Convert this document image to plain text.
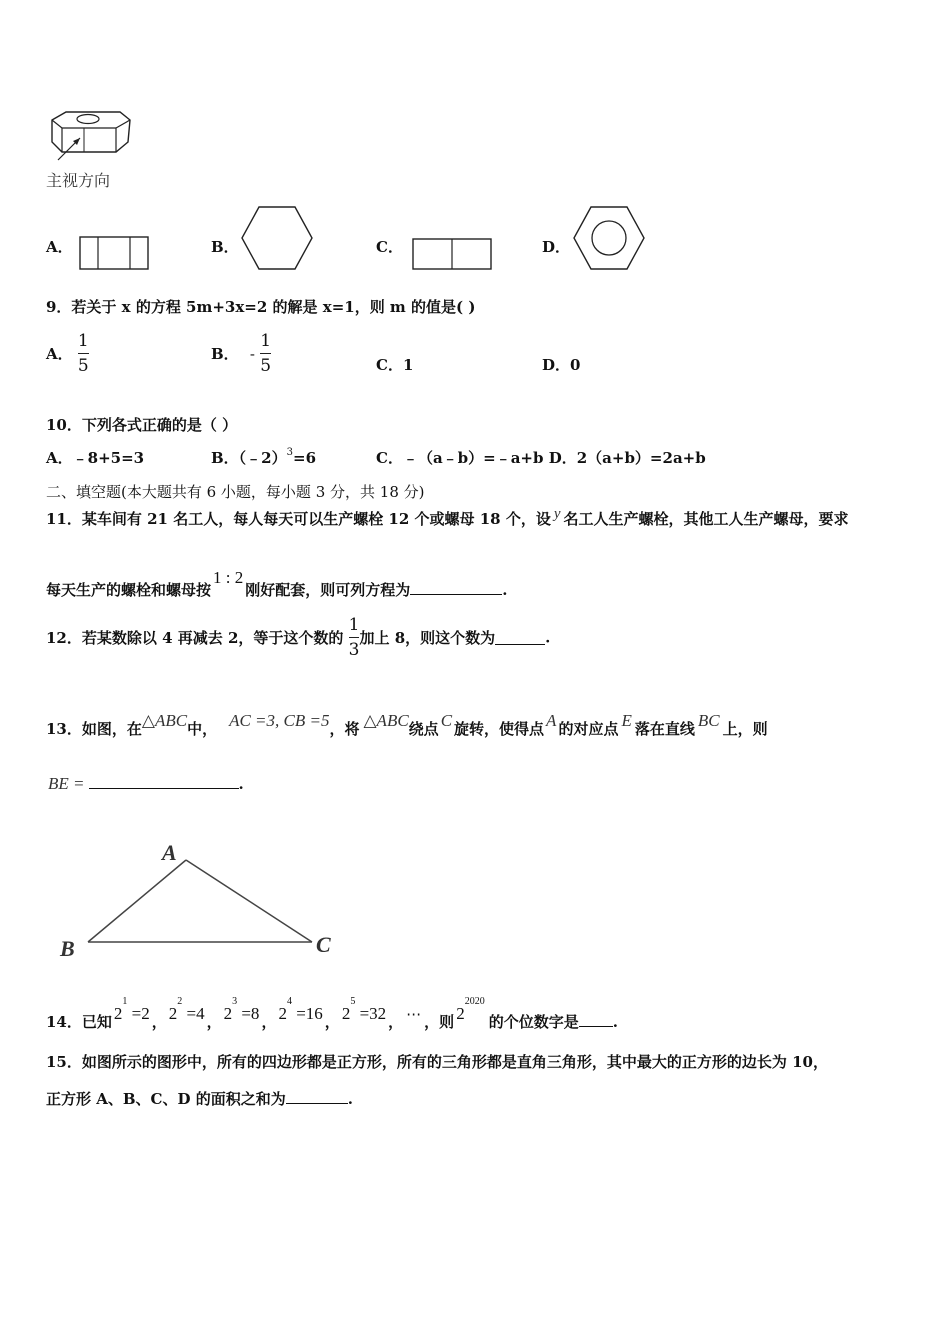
主视方向
A．	B．	C．	D．
9．若关于 x 的方程 5m+3x=2 的解是 x=1，则 m 的值是( )
A． $\frac{1}{5}$	B． - $\frac{1}{5}$	C．1	D．0
10．下列各式正确的是（ ）
A．﹣8+5=3	B．（﹣2）$^3$=6	C．﹣（a﹣b）=﹣a+b D．2（a+b）=2a+b
二、填空题(本大题共有 6 小题，每小题 3 分，共 18 分)
11．某车间有 21 名工人，每人每天可以生产螺栓 12 个或螺母 18 个，设 y 名工人生产螺栓，其他工人生产螺母，要求
每天生产的螺栓和螺母按1 : 2刚好配套，则可列方程为	.
12．若某数除以 4 再减去 2，等于这个数的 $\frac{1}{3}$ 加上 8，则这个数为	.
13．如图，在△ABC中， AC =3, CB =5，将 △ABC绕点 C 旋转，使得点 A 的对应点 E 落在直线 BC 上，则
BE =	.
A
B	C
14．已知 $2^1 =2$ ， $2^2 =4$ ， $2^3 =8$ ， $2^4 =16$ ， $2^5 =32$ ， ⋯ ，则 $2^{2020}$的个位数字是 .
15．如图所示的图形中，所有的四边形都是正方形，所有的三角形都是直角三角形，其中最大的正方形的边长为 10，
正方形 A、B、C、D 的面积之和为	.
